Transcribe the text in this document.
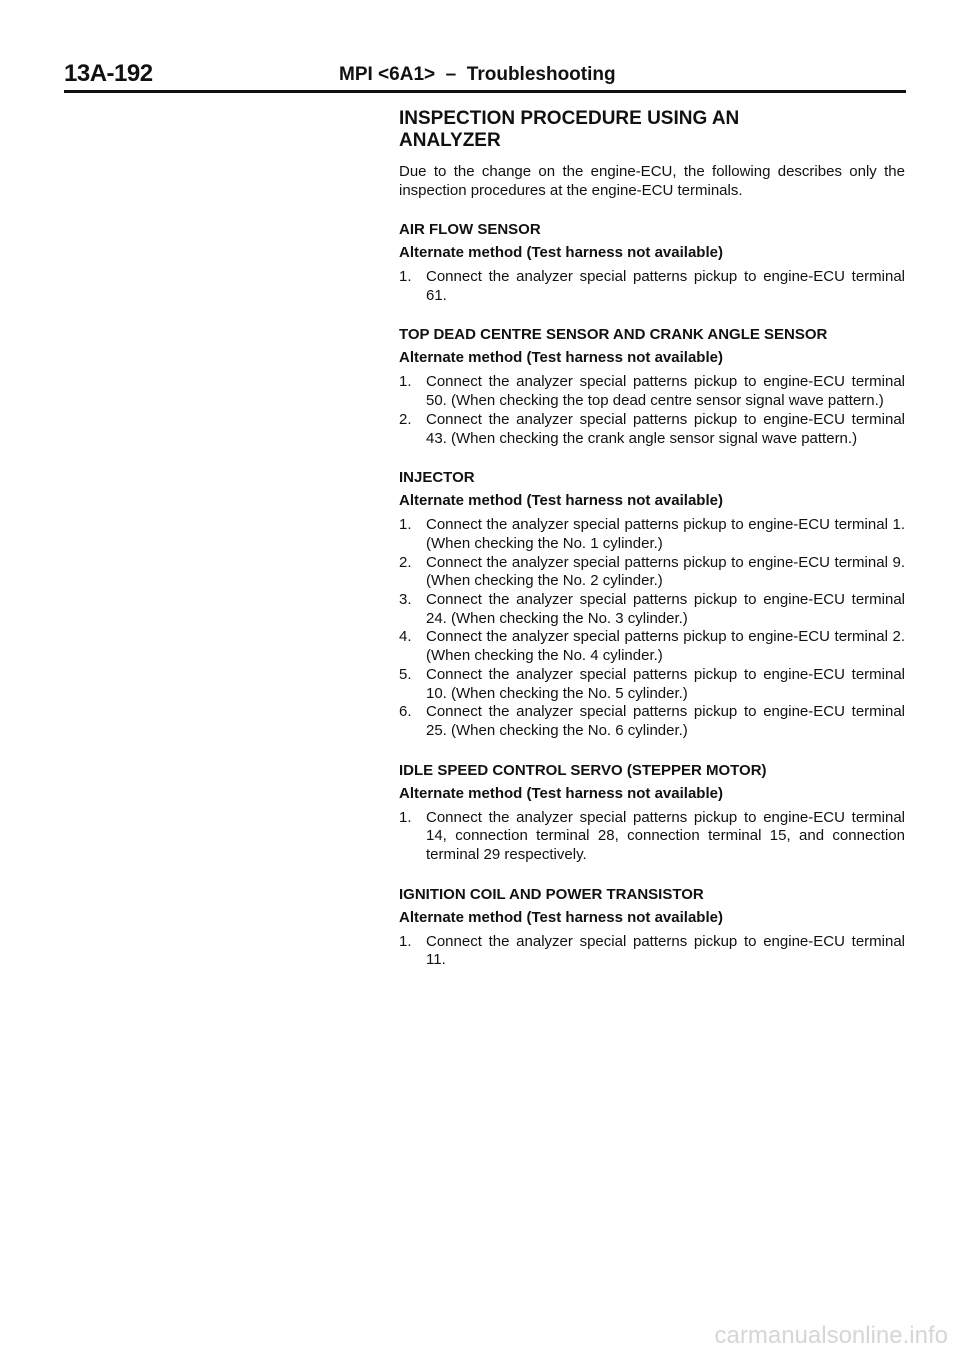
13A-192	MPI <6A1>  –  Troubleshooting
INSPECTION PROCEDURE USING AN ANALYZER

Due to the change on the engine-ECU, the following describes only the inspection procedures at the engine-ECU terminals.

AIR FLOW SENSOR
Alternate method (Test harness not available)
1. Connect the analyzer special patterns pickup to engine-ECU terminal 61.
TOP DEAD CENTRE SENSOR AND CRANK ANGLE SENSOR
Alternate method (Test harness not available)
1. Connect the analyzer special patterns pickup to engine-ECU terminal 50. (When checking the top dead centre sensor signal wave pattern.)
2. Connect the analyzer special patterns pickup to engine-ECU terminal 43. (When checking the crank angle sensor signal wave pattern.)
INJECTOR
Alternate method (Test harness not available)
1. Connect the analyzer special patterns pickup to engine-ECU terminal 1. (When checking the No. 1 cylinder.)
2. Connect the analyzer special patterns pickup to engine-ECU terminal 9. (When checking the No. 2 cylinder.)
3. Connect the analyzer special patterns pickup to engine-ECU terminal 24. (When checking the No. 3 cylinder.)
4. Connect the analyzer special patterns pickup to engine-ECU terminal 2. (When checking the No. 4 cylinder.)
5. Connect the analyzer special patterns pickup to engine-ECU terminal 10. (When checking the No. 5 cylinder.)
6. Connect the analyzer special patterns pickup to engine-ECU terminal 25. (When checking the No. 6 cylinder.)
IDLE SPEED CONTROL SERVO (STEPPER MOTOR)
Alternate method (Test harness not available)
1. Connect the analyzer special patterns pickup to engine-ECU terminal 14, connection terminal 28, connection terminal 15, and connection terminal 29 respectively.
IGNITION COIL AND POWER TRANSISTOR
Alternate method (Test harness not available)
1. Connect the analyzer special patterns pickup to engine-ECU terminal 11.
carmanualsonline.info
